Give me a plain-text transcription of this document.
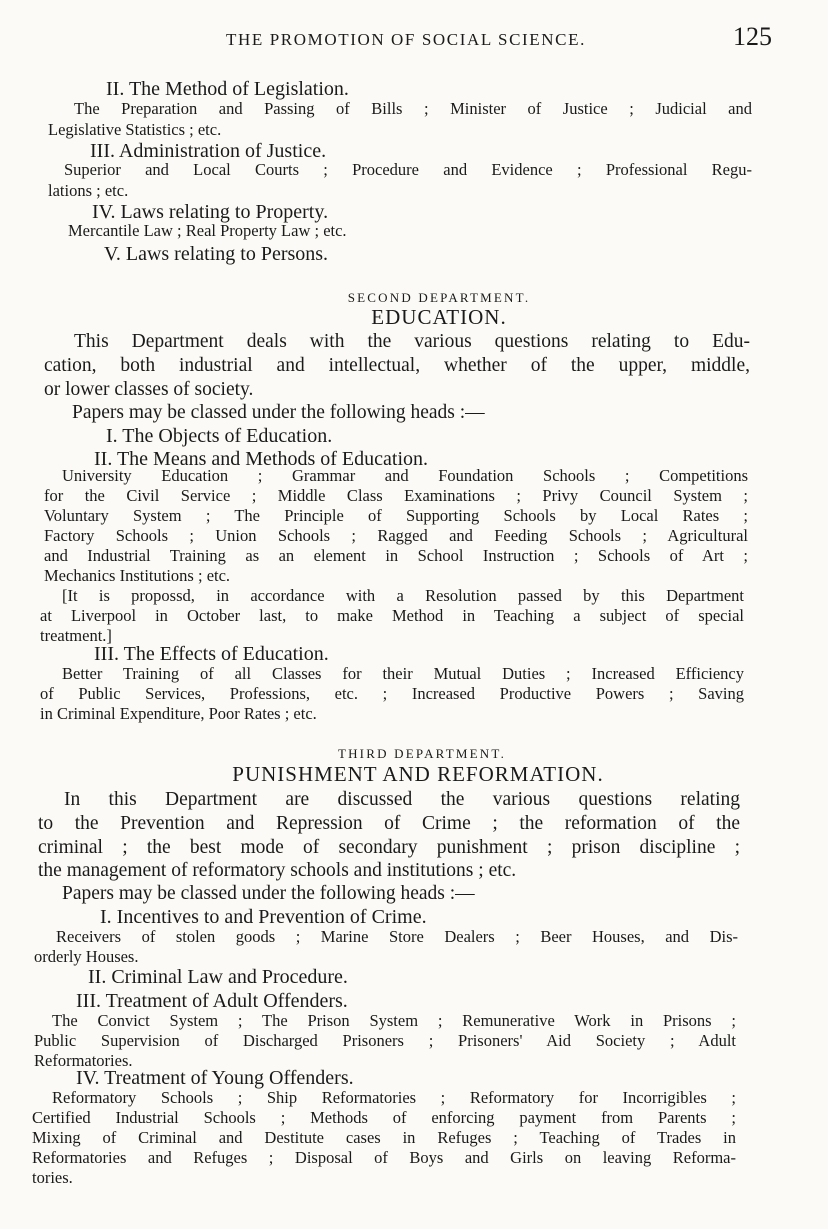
THE PROMOTION OF SOCIAL SCIENCE.	125
II. The Method of Legislation.
The Preparation and Passing of Bills ; Minister of Justice ; Judicial and
Legislative Statistics ; etc.
III. Administration of Justice.
Superior and Local Courts ; Procedure and Evidence ; Professional Regu-
lations ; etc.
IV. Laws relating to Property.
Mercantile Law ; Real Property Law ; etc.
V. Laws relating to Persons.
SECOND DEPARTMENT.
EDUCATION.
This Department deals with the various questions relating to Edu-
cation, both industrial and intellectual, whether of the upper, middle,
or lower classes of society.
Papers may be classed under the following heads :—
I. The Objects of Education.
II. The Means and Methods of Education.
University Education ; Grammar and Foundation Schools ; Competitions
for the Civil Service ; Middle Class Examinations ; Privy Council System ;
Voluntary System ; The Principle of Supporting Schools by Local Rates ;
Factory Schools ; Union Schools ; Ragged and Feeding Schools ; Agricultural
and Industrial Training as an element in School Instruction ; Schools of Art ;
Mechanics Institutions ; etc.
[It is propossd, in accordance with a Resolution passed by this Department
at Liverpool in October last, to make Method in Teaching a subject of special
treatment.]
III. The Effects of Education.
Better Training of all Classes for their Mutual Duties ; Increased Efficiency
of Public Services, Professions, etc. ; Increased Productive Powers ; Saving
in Criminal Expenditure, Poor Rates ; etc.
THIRD DEPARTMENT.
PUNISHMENT AND REFORMATION.
In this Department are discussed the various questions relating
to the Prevention and Repression of Crime ; the reformation of the
criminal ; the best mode of secondary punishment ; prison discipline ;
the management of reformatory schools and institutions ; etc.
Papers may be classed under the following heads :—
I. Incentives to and Prevention of Crime.
Receivers of stolen goods ; Marine Store Dealers ; Beer Houses, and Dis-
orderly Houses.
II. Criminal Law and Procedure.
III. Treatment of Adult Offenders.
The Convict System ; The Prison System ; Remunerative Work in Prisons ;
Public Supervision of Discharged Prisoners ; Prisoners' Aid Society ; Adult
Reformatories.
IV. Treatment of Young Offenders.
Reformatory Schools ; Ship Reformatories ; Reformatory for Incorrigibles ;
Certified Industrial Schools ; Methods of enforcing payment from Parents ;
Mixing of Criminal and Destitute cases in Refuges ; Teaching of Trades in
Reformatories and Refuges ; Disposal of Boys and Girls on leaving Reforma-
tories.
